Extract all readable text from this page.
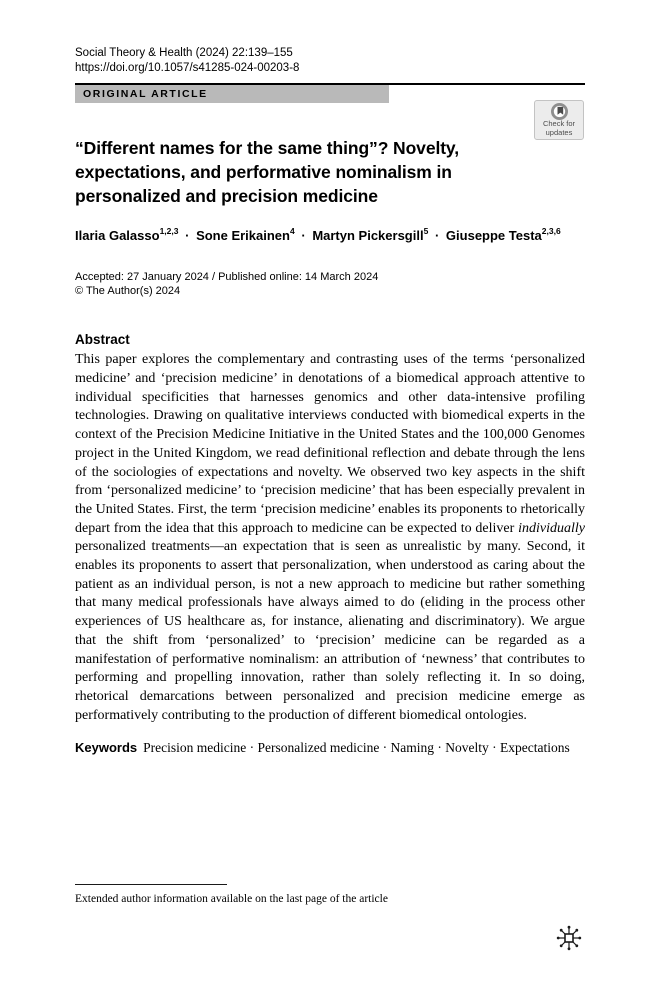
Social Theory & Health (2024) 22:139–155
https://doi.org/10.1057/s41285-024-00203-8
ORIGINAL ARTICLE
Check for
updates
“Different names for the same thing”? Novelty, expectations, and performative nominalism in personalized and precision medicine
Ilaria Galasso$^{1,2,3}$ · Sone Erikainen$^4$ · Martyn Pickersgill$^5$ · Giuseppe Testa$^{2,3,6}$
Accepted: 27 January 2024 / Published online: 14 March 2024
© The Author(s) 2024
Abstract

This paper explores the complementary and contrasting uses of the terms ‘personalized medicine’ and ‘precision medicine’ in denotations of a biomedical approach attentive to individual specificities that harnesses genomics and other data-intensive profiling technologies. Drawing on qualitative interviews conducted with biomedical experts in the context of the Precision Medicine Initiative in the United States and the 100,000 Genomes project in the United Kingdom, we read definitional reflection and debate through the lens of the sociologies of expectations and novelty. We observed two key aspects in the shift from ‘personalized medicine’ to ‘precision medicine’ that has been especially prevalent in the United States. First, the term ‘precision medicine’ enables its proponents to rhetorically depart from the idea that this approach to medicine can be expected to deliver individually personalized treatments—an expectation that is seen as unrealistic by many. Second, it enables its proponents to assert that personalization, when understood as caring about the patient as an individual person, is not a new approach to medicine but rather something that many medical professionals have always aimed to do (eliding in the process other experiences of US healthcare as, for instance, alienating and discriminatory). We argue that the shift from ‘personalized’ to ‘precision’ medicine can be regarded as a manifestation of performative nominalism: an attribution of ‘newness’ that contributes to performing and propelling innovation, rather than solely reflecting it. In so doing, rhetorical demarcations between personalized and precision medicine emerge as performatively contributing to the production of different biomedical ontologies.

Keywords Precision medicine · Personalized medicine · Naming · Novelty · Expectations
Extended author information available on the last page of the article
